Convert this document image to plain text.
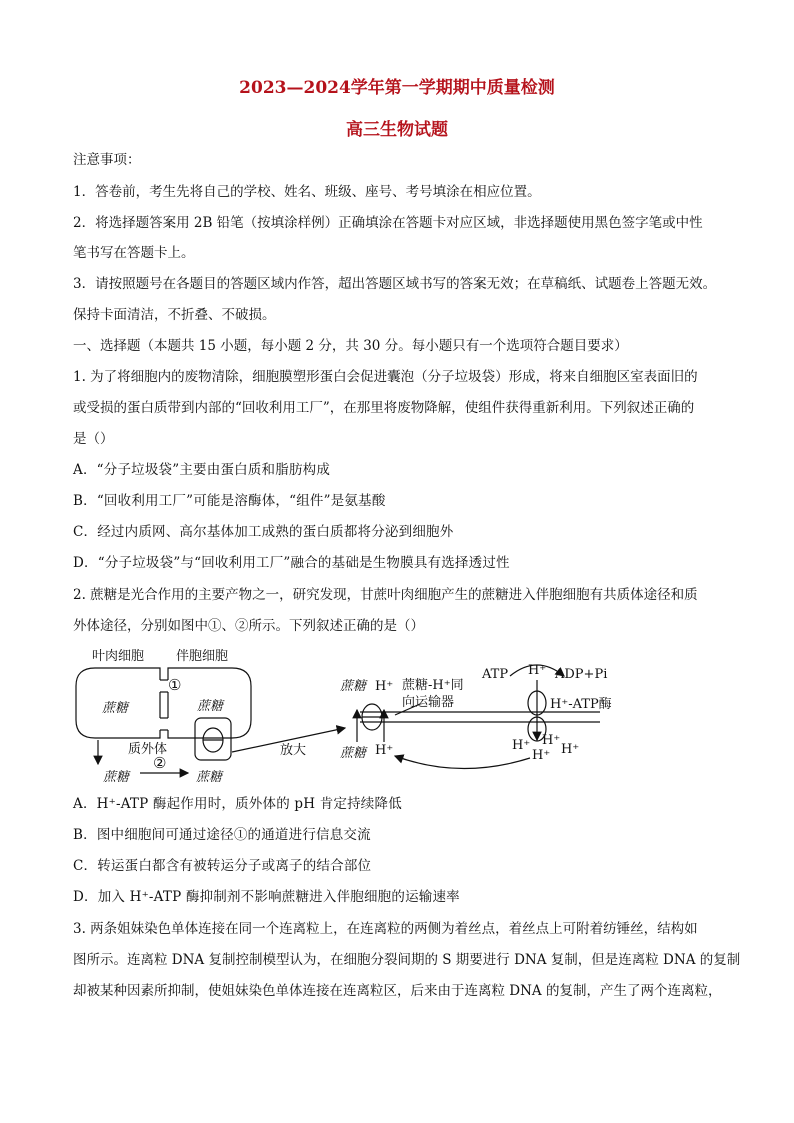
2023—2024学年第一学期期中质量检测
高三生物试题

注意事项：

1．答卷前，考生先将自己的学校、姓名、班级、座号、考号填涂在相应位置。

2．将选择题答案用 2B 铅笔（按填涂样例）正确填涂在答题卡对应区域，非选择题使用黑色签字笔或中性

笔书写在答题卡上。

3．请按照题号在各题目的答题区域内作答，超出答题区域书写的答案无效；在草稿纸、试题卷上答题无效。

保持卡面清洁，不折叠、不破损。

一、选择题（本题共 15 小题，每小题 2 分，共 30 分。每小题只有一个选项符合题目要求）

1. 为了将细胞内的废物清除，细胞膜塑形蛋白会促进囊泡（分子垃圾袋）形成，将来自细胞区室表面旧的

或受损的蛋白质带到内部的“回收利用工厂”，在那里将废物降解，使组件获得重新利用。下列叙述正确的

是（）

A．“分子垃圾袋”主要由蛋白质和脂肪构成

B．“回收利用工厂”可能是溶酶体，“组件”是氨基酸

C．经过内质网、高尔基体加工成熟的蛋白质都将分泌到细胞外

D．“分子垃圾袋”与“回收利用工厂”融合的基础是生物膜具有选择透过性

2. 蔗糖是光合作用的主要产物之一，研究发现，甘蔗叶肉细胞产生的蔗糖进入伴胞细胞有共质体途径和质

外体途径，分别如图中①、②所示。下列叙述正确的是（）

叶肉细胞 伴胞细胞
①
蔗糖	蔗糖
质外体
蔗糖
②
蔗糖
放大
蔗糖 H⁺ 蔗糖-H⁺同
向运输器
蔗糖 H⁺
ATP H⁺ ADP+Pi
H⁺-ATP酶
H⁺ H⁺
H⁺ H⁺

A．H⁺-ATP 酶起作用时，质外体的 pH 肯定持续降低

B．图中细胞间可通过途径①的通道进行信息交流

C．转运蛋白都含有被转运分子或离子的结合部位

D．加入 H⁺-ATP 酶抑制剂不影响蔗糖进入伴胞细胞的运输速率

3. 两条姐妹染色单体连接在同一个连离粒上，在连离粒的两侧为着丝点，着丝点上可附着纺锤丝，结构如

图所示。连离粒 DNA 复制控制模型认为，在细胞分裂间期的 S 期要进行 DNA 复制，但是连离粒 DNA 的复制

却被某种因素所抑制，使姐妹染色单体连接在连离粒区，后来由于连离粒 DNA 的复制，产生了两个连离粒，
